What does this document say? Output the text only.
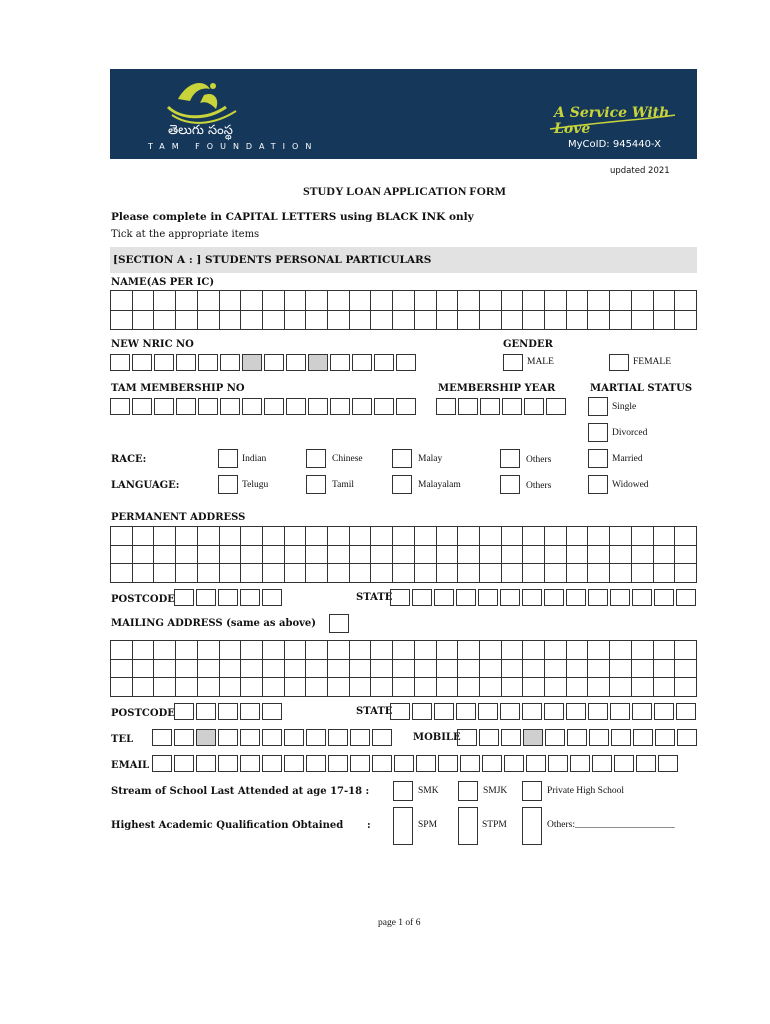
తెలుగు సంస్థ
TAM FOUNDATION
A Service With Love
MyCoID: 945440-X
updated 2021
STUDY LOAN APPLICATION FORM
Please complete in CAPITAL LETTERS using BLACK INK only
Tick at the appropriate items
[SECTION A : ] STUDENTS PERSONAL PARTICULARS
NAME(AS PER IC)

NEW NRIC NO	GENDER
MALE	FEMALE
TAM MEMBERSHIP NO	MEMBERSHIP YEAR	MARTIAL STATUS
Single
Divorced
RACE:	Indian	Chinese	Malay	Others	Married
LANGUAGE:	Telugu	Tamil	Malayalam	Others	Widowed
PERMANENT ADDRESS

POSTCODE	STATE
MAILING ADDRESS (same as above)

POSTCODE	STATE
TEL	MOBILE
EMAIL
Stream of School Last Attended at age 17-18 :	SMK	SMJK	Private High School
Highest Academic Qualification Obtained :	SPM	STPM	Others:_____________________
page 1 of 6
